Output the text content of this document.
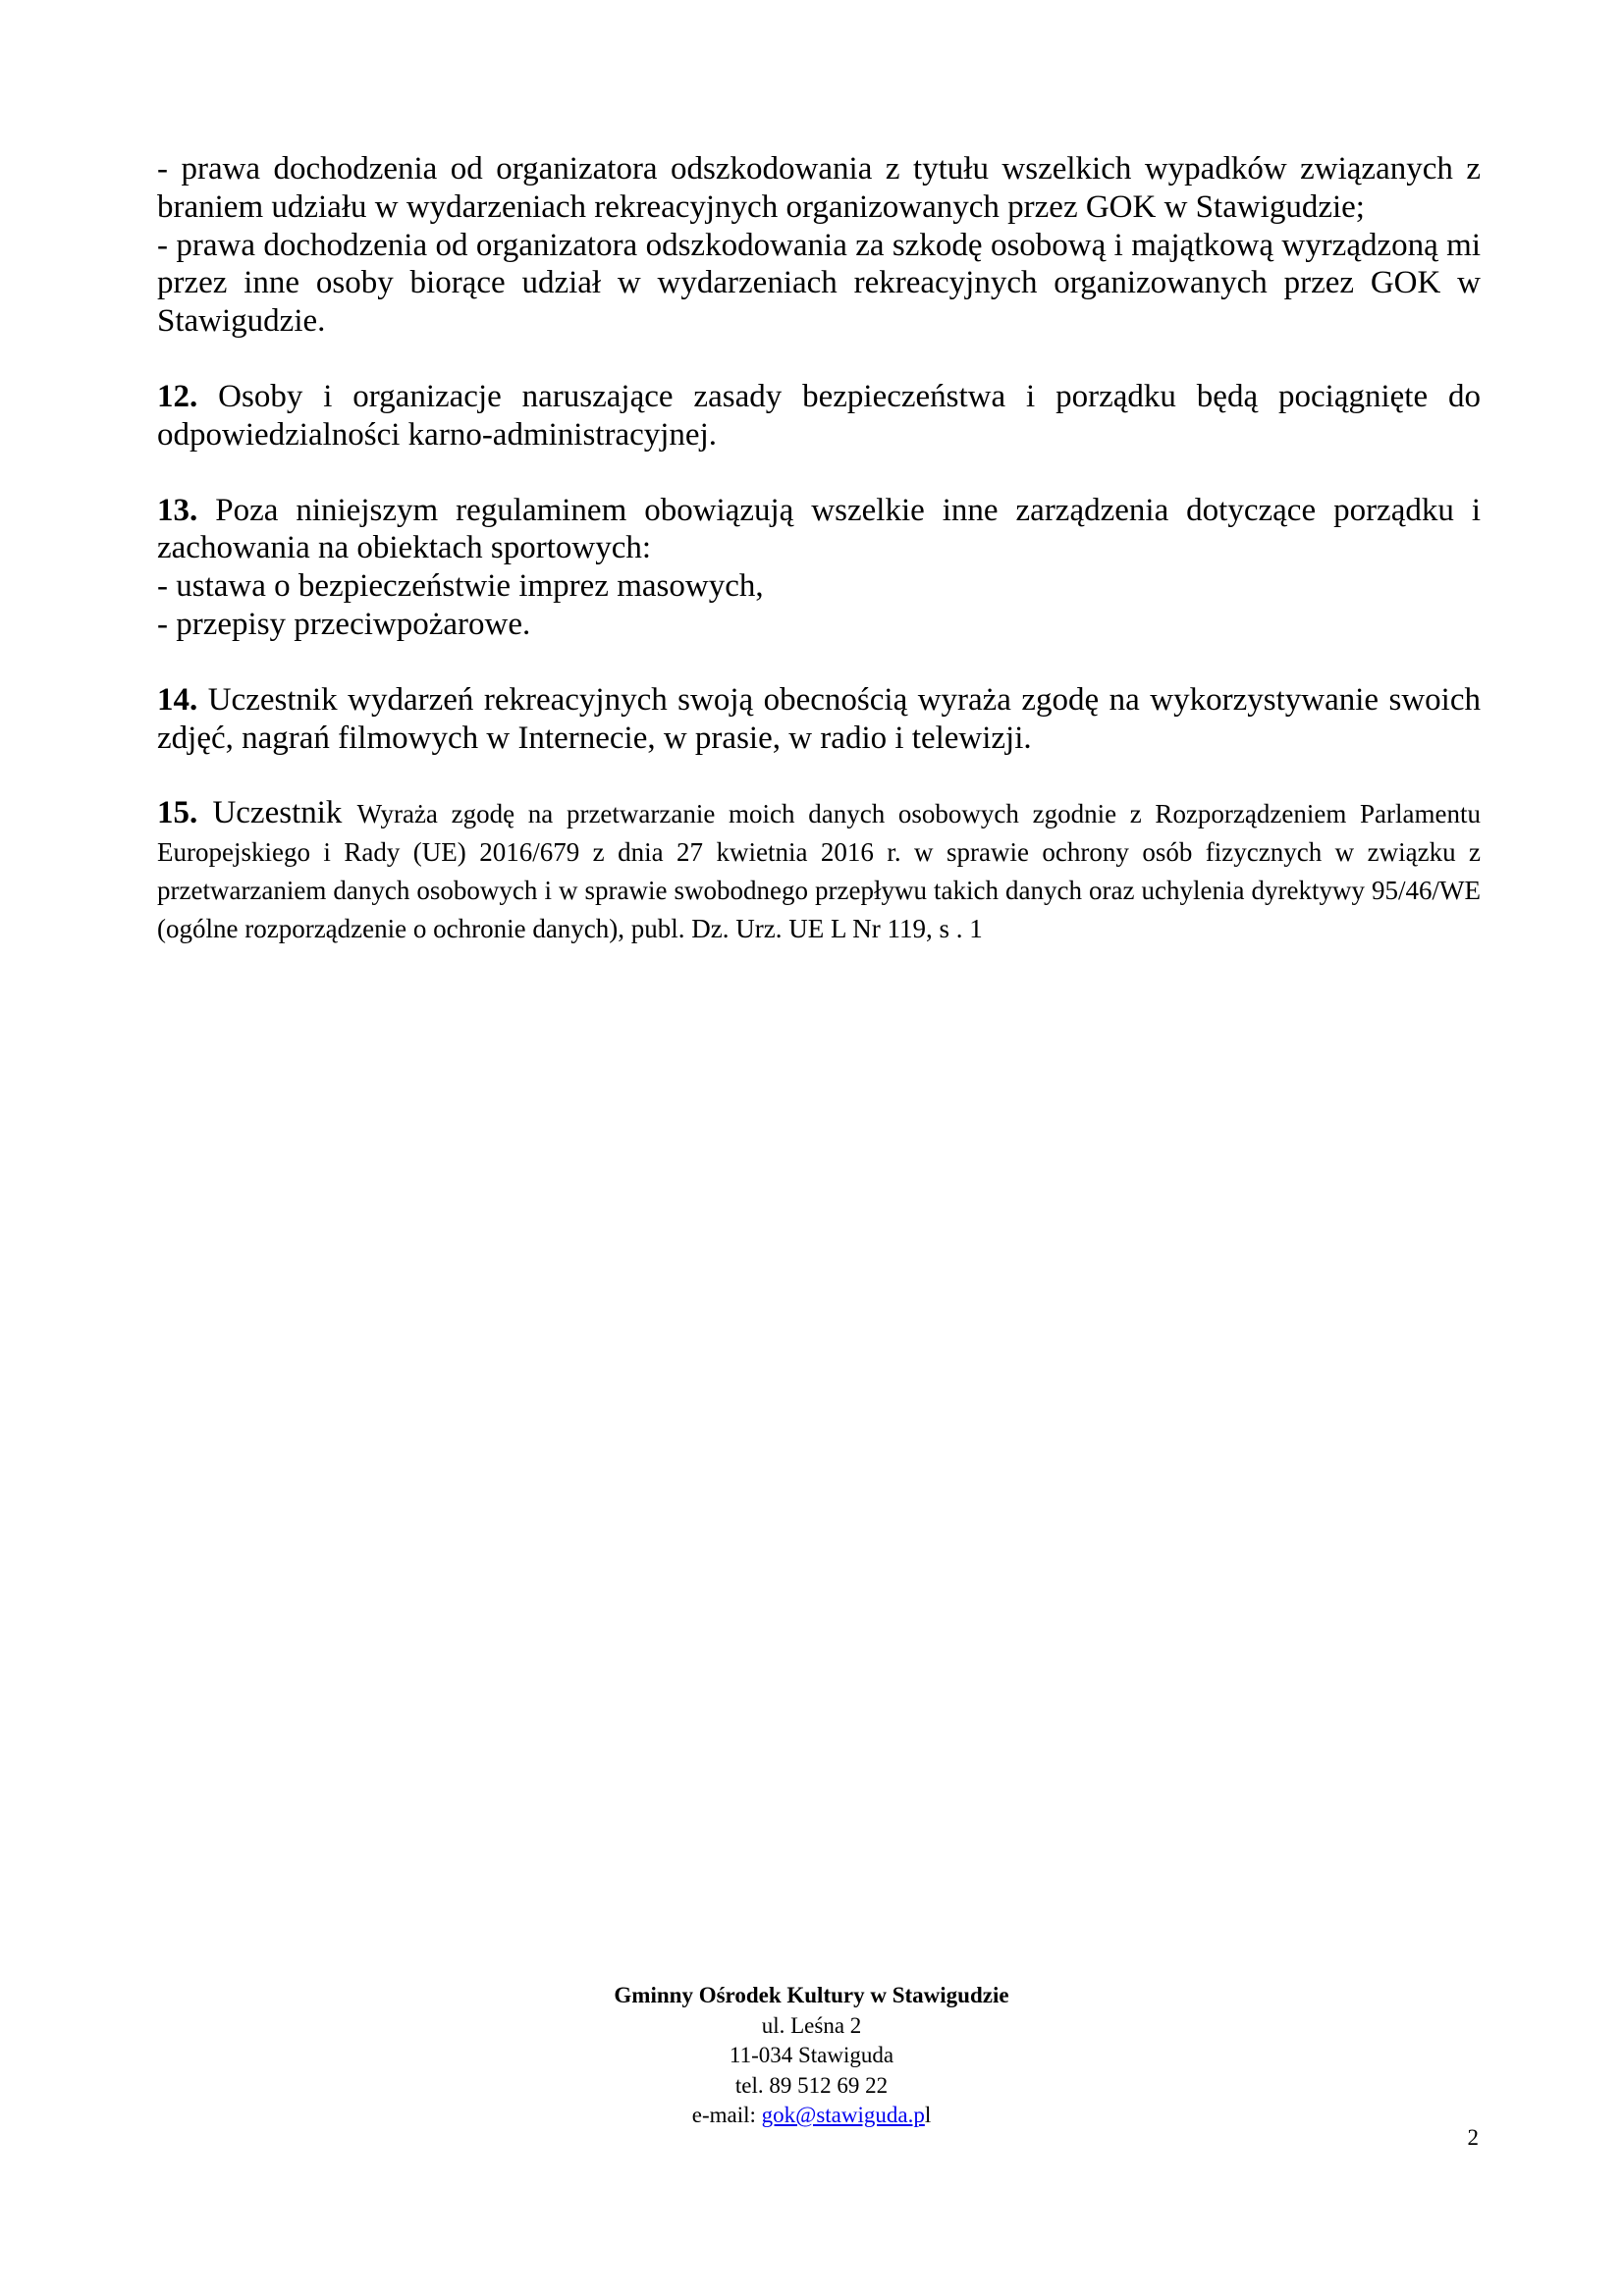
- prawa dochodzenia od organizatora odszkodowania z tytułu wszelkich wypadków związanych z braniem udziału w wydarzeniach rekreacyjnych organizowanych przez GOK w Stawigudzie;
- prawa dochodzenia od organizatora odszkodowania za szkodę osobową i majątkową wyrządzoną mi przez inne osoby biorące udział w wydarzeniach rekreacyjnych organizowanych przez GOK w Stawigudzie.

12. Osoby i organizacje naruszające zasady bezpieczeństwa i porządku będą pociągnięte do odpowiedzialności karno-administracyjnej.

13. Poza niniejszym regulaminem obowiązują wszelkie inne zarządzenia dotyczące porządku i zachowania na obiektach sportowych:
- ustawa o bezpieczeństwie imprez masowych,
- przepisy przeciwpożarowe.

14. Uczestnik wydarzeń rekreacyjnych swoją obecnością wyraża zgodę na wykorzystywanie swoich zdjęć, nagrań filmowych w Internecie, w prasie, w radio i telewizji.

15. Uczestnik Wyraża zgodę na przetwarzanie moich danych osobowych zgodnie z Rozporządzeniem Parlamentu Europejskiego i Rady (UE) 2016/679 z dnia 27 kwietnia 2016 r. w sprawie ochrony osób fizycznych w związku z przetwarzaniem danych osobowych i w sprawie swobodnego przepływu takich danych oraz uchylenia dyrektywy 95/46/WE (ogólne rozporządzenie o ochronie danych), publ. Dz. Urz. UE L Nr 119, s . 1

Gminny Ośrodek Kultury w Stawigudzie
ul. Leśna 2
11-034 Stawiguda
tel. 89 512 69 22
e-mail: gok@stawiguda.pl
2
